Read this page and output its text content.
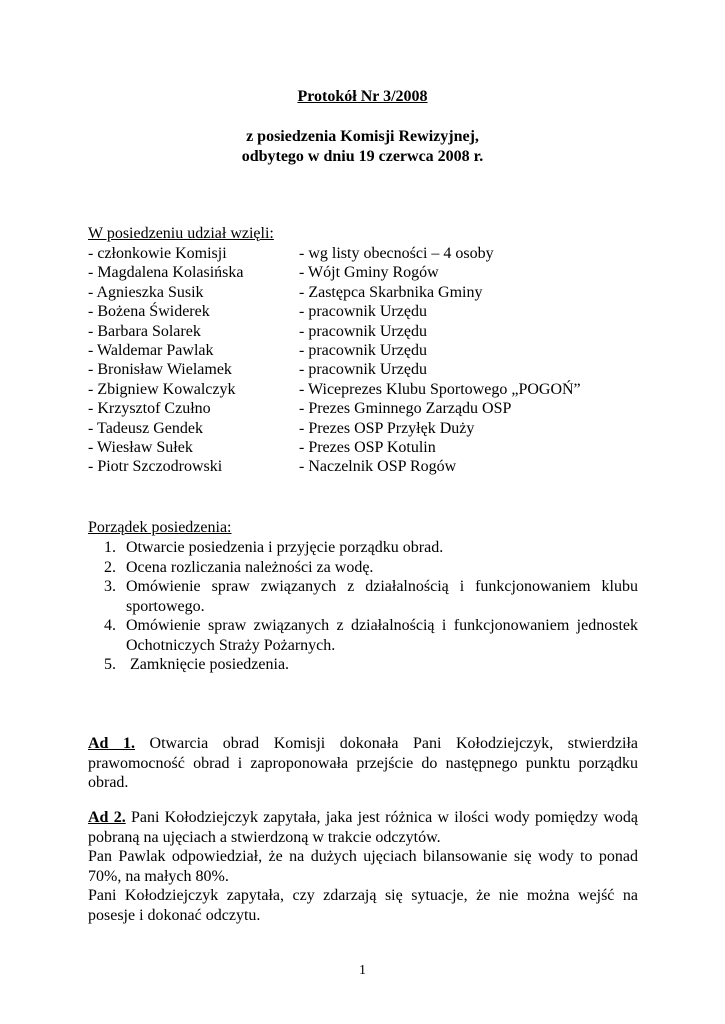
Protokół Nr 3/2008
z posiedzenia Komisji Rewizyjnej,
odbytego w dniu 19 czerwca 2008 r.
W posiedzeniu udział wzięli:
- członkowie Komisji	- wg listy obecności – 4 osoby
- Magdalena Kolasińska	- Wójt Gminy Rogów
- Agnieszka Susik	- Zastępca Skarbnika Gminy
- Bożena Świderek	- pracownik Urzędu
- Barbara Solarek	- pracownik Urzędu
- Waldemar Pawlak	- pracownik Urzędu
- Bronisław Wielamek	- pracownik Urzędu
- Zbigniew Kowalczyk	- Wiceprezes Klubu Sportowego „POGOŃ”
- Krzysztof Czułno	- Prezes Gminnego Zarządu OSP
- Tadeusz Gendek	- Prezes OSP Przyłęk Duży
- Wiesław Sułek	- Prezes OSP Kotulin
- Piotr Szczodrowski	- Naczelnik OSP Rogów
Porządek posiedzenia:
1. Otwarcie posiedzenia i przyjęcie porządku obrad.
2. Ocena rozliczania należności za wodę.
3. Omówienie spraw związanych z działalnością i funkcjonowaniem klubu sportowego.
4. Omówienie spraw związanych z działalnością i funkcjonowaniem jednostek Ochotniczych Straży Pożarnych.
5. Zamknięcie posiedzenia.
Ad 1. Otwarcia obrad Komisji dokonała Pani Kołodziejczyk, stwierdziła prawomocność obrad i zaproponowała przejście do następnego punktu porządku obrad.
Ad 2. Pani Kołodziejczyk zapytała, jaka jest różnica w ilości wody pomiędzy wodą pobraną na ujęciach a stwierdzoną w trakcie odczytów.
Pan Pawlak odpowiedział, że na dużych ujęciach bilansowanie się wody to ponad 70%, na małych 80%.
Pani Kołodziejczyk zapytała, czy zdarzają się sytuacje, że nie można wejść na posesje i dokonać odczytu.
1
